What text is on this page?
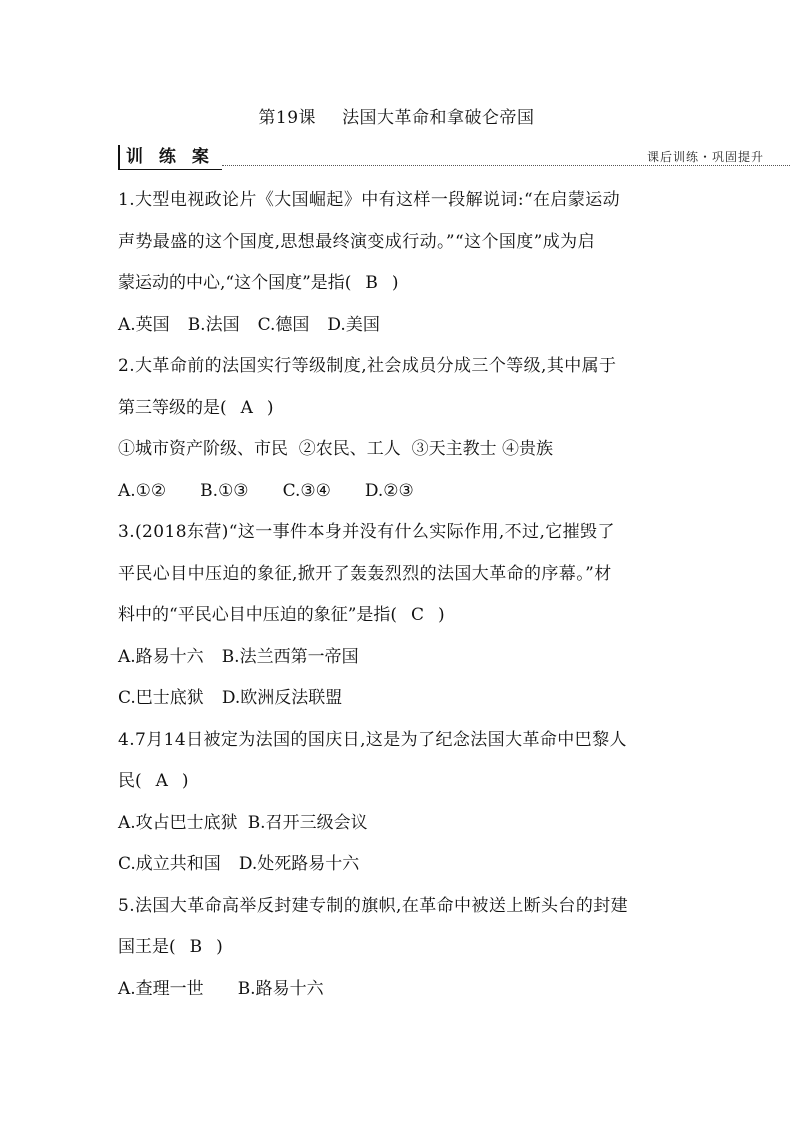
第19课 法国大革命和拿破仑帝国
训 练 案	课后训练・巩固提升
1.大型电视政论片《大国崛起》中有这样一段解说词:“在启蒙运动
声势最盛的这个国度,思想最终演变成行动。”“这个国度”成为启
蒙运动的中心,“这个国度”是指( B )
A.英国 B.法国 C.德国 D.美国
2.大革命前的法国实行等级制度,社会成员分成三个等级,其中属于
第三等级的是( A )
①城市资产阶级、市民  ②农民、工人  ③天主教士 ④贵族
A.①② B.①③ C.③④ D.②③
3.(2018东营)“这一事件本身并没有什么实际作用,不过,它摧毁了
平民心目中压迫的象征,掀开了轰轰烈烈的法国大革命的序幕。”材
料中的“平民心目中压迫的象征”是指( C )
A.路易十六 B.法兰西第一帝国
C.巴士底狱 D.欧洲反法联盟
4.7月14日被定为法国的国庆日,这是为了纪念法国大革命中巴黎人
民( A )
A.攻占巴士底狱 B.召开三级会议
C.成立共和国 D.处死路易十六
5.法国大革命高举反封建专制的旗帜,在革命中被送上断头台的封建
国王是( B )
A.查理一世 B.路易十六
